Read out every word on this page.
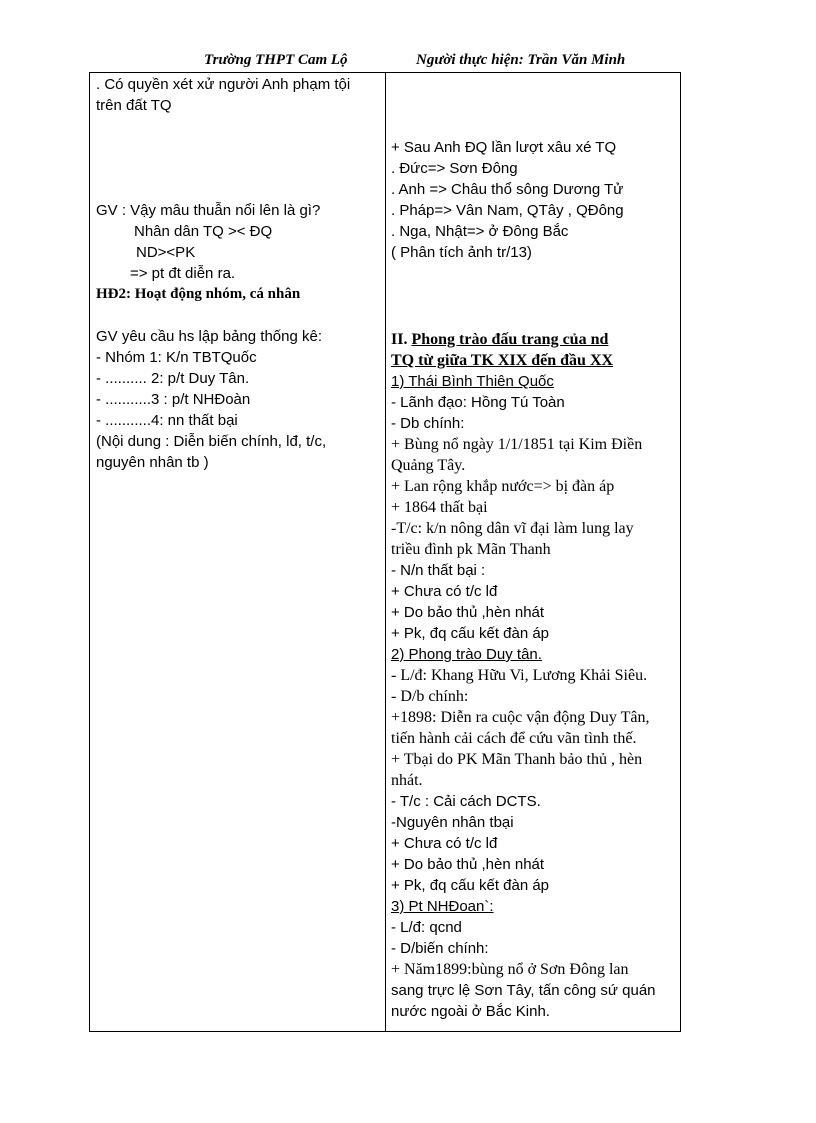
Trường THPT Cam Lộ	Người thực hiện: Trần Văn Minh
. Có quyền xét xử người Anh phạm tội
trên đất TQ
GV : Vậy mâu thuẫn nổi lên là gì?
Nhân dân TQ >< ĐQ
ND><PK
=> pt đt diễn ra.
HĐ2: Hoạt động nhóm, cá nhân
GV yêu cầu hs lập bảng thống kê:
- Nhóm 1: K/n TBTQuốc
- .......... 2: p/t Duy Tân.
- ...........3 : p/t NHĐoàn
- ...........4: nn thất bại
(Nội dung : Diễn biến chính, lđ, t/c,
nguyên nhân tb )
+ Sau Anh ĐQ lần lượt xâu xé TQ
. Đức=> Sơn Đông
. Anh => Châu thổ sông Dương Tử
. Pháp=> Vân Nam, QTây , QĐông
. Nga, Nhật=> ở Đông Bắc
( Phân tích ảnh tr/13)
II. Phong trào đấu trang của nd
TQ từ giữa TK XIX đến đầu XX
1) Thái Bình Thiên Quốc
- Lãnh đạo: Hồng Tú Toàn
- Db chính:
+ Bùng nổ ngày 1/1/1851 tại Kim Điền
Quảng Tây.
+ Lan rộng khắp nước=> bị đàn áp
+ 1864 thất bại
-T/c: k/n nông dân vĩ đại làm lung lay
triều đình pk Mãn Thanh
- N/n thất bại :
+ Chưa có t/c lđ
+ Do bảo thủ ,hèn nhát
+ Pk, đq cấu kết đàn áp
2) Phong trào Duy tân.
- L/đ: Khang Hữu Vi, Lương Khải Siêu.
- D/b chính:
+1898: Diễn ra cuộc vận động Duy Tân,
tiến hành cải cách để cứu vãn tình thế.
+ Tbại do PK Mãn Thanh bảo thủ , hèn
nhát.
- T/c : Cải cách DCTS.
-Nguyên nhân tbại
+ Chưa có t/c lđ
+ Do bảo thủ ,hèn nhát
+ Pk, đq cấu kết đàn áp
3) Pt NHĐoan`:
- L/đ: qcnd
- D/biến chính:
+ Năm1899:bùng nổ ở Sơn Đông lan
sang trực lệ Sơn Tây, tấn công sứ quán
nước ngoài ở Bắc Kinh.
